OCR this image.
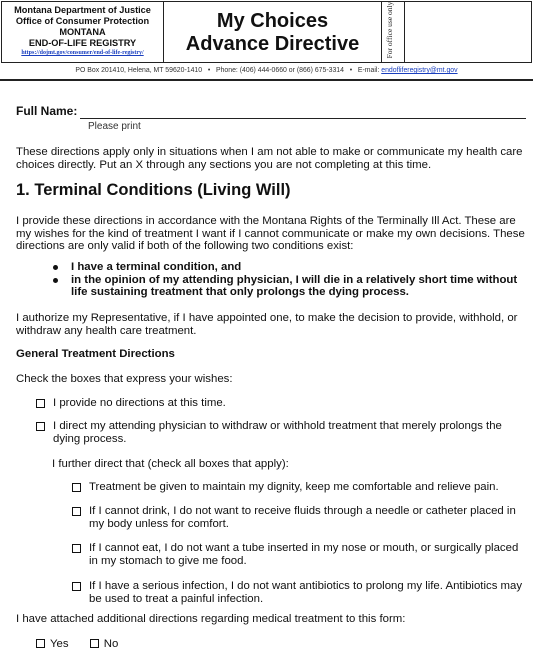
Montana Department of Justice
Office of Consumer Protection
MONTANA
END-OF-LIFE REGISTRY
https://dojmt.gov/consumer/end-of-life-registry/
My Choices
Advance Directive	For office use only
PO Box 201410, Helena, MT 59620-1410   •   Phone: (406) 444-0660 or (866) 675-3314   •   E-mail: endofliferegistry@mt.gov
Full Name:
Please print
These directions apply only in situations when I am not able to make or communicate my health care choices directly. Put an X through any sections you are not completing at this time.
1. Terminal Conditions (Living Will)
I provide these directions in accordance with the Montana Rights of the Terminally Ill Act. These are my wishes for the kind of treatment I want if I cannot communicate or make my own decisions. These directions are only valid if both of the following two conditions exist:
I have a terminal condition, and
in the opinion of my attending physician, I will die in a relatively short time without life sustaining treatment that only prolongs the dying process.
I authorize my Representative, if I have appointed one, to make the decision to provide, withhold, or withdraw any health care treatment.
General Treatment Directions
Check the boxes that express your wishes:
I provide no directions at this time.
I direct my attending physician to withdraw or withhold treatment that merely prolongs the dying process.
I further direct that (check all boxes that apply):
Treatment be given to maintain my dignity, keep me comfortable and relieve pain.
If I cannot drink, I do not want to receive fluids through a needle or catheter placed in my body unless for comfort.
If I cannot eat, I do not want a tube inserted in my nose or mouth, or surgically placed in my stomach to give me food.
If I have a serious infection, I do not want antibiotics to prolong my life. Antibiotics may be used to treat a painful infection.
I have attached additional directions regarding medical treatment to this form:
Yes	No
